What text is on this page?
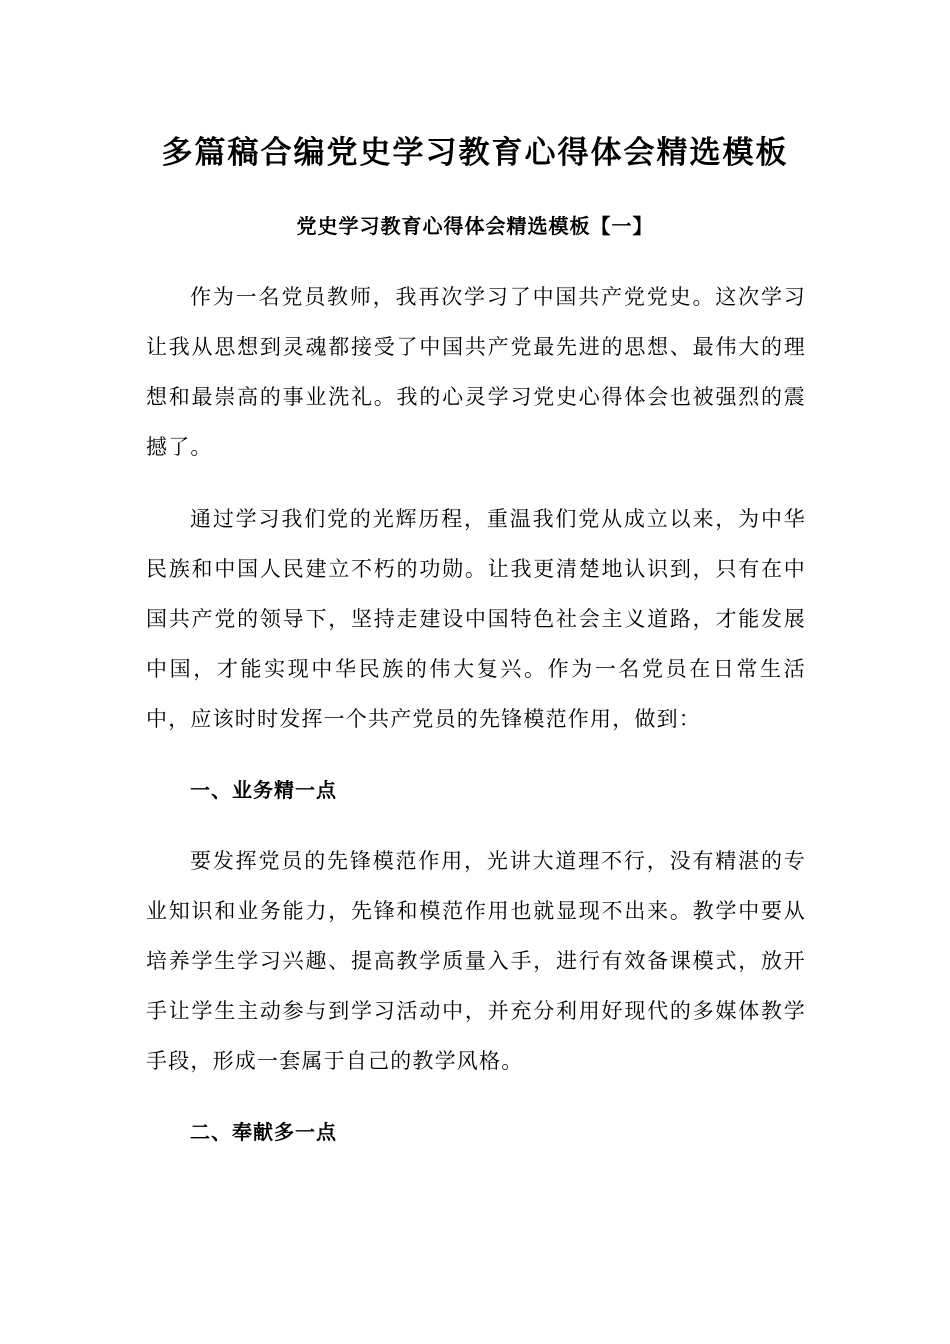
多篇稿合编党史学习教育心得体会精选模板
党史学习教育心得体会精选模板【一】

作为一名党员教师，我再次学习了中国共产党党史。这次学习让我从思想到灵魂都接受了中国共产党最先进的思想、最伟大的理想和最崇高的事业洗礼。我的心灵学习党史心得体会也被强烈的震撼了。

通过学习我们党的光辉历程，重温我们党从成立以来，为中华民族和中国人民建立不朽的功勋。让我更清楚地认识到，只有在中国共产党的领导下，坚持走建设中国特色社会主义道路，才能发展中国，才能实现中华民族的伟大复兴。作为一名党员在日常生活中，应该时时发挥一个共产党员的先锋模范作用，做到：

一、业务精一点

要发挥党员的先锋模范作用，光讲大道理不行，没有精湛的专业知识和业务能力，先锋和模范作用也就显现不出来。教学中要从培养学生学习兴趣、提高教学质量入手，进行有效备课模式，放开手让学生主动参与到学习活动中，并充分利用好现代的多媒体教学手段，形成一套属于自己的教学风格。

二、奉献多一点
